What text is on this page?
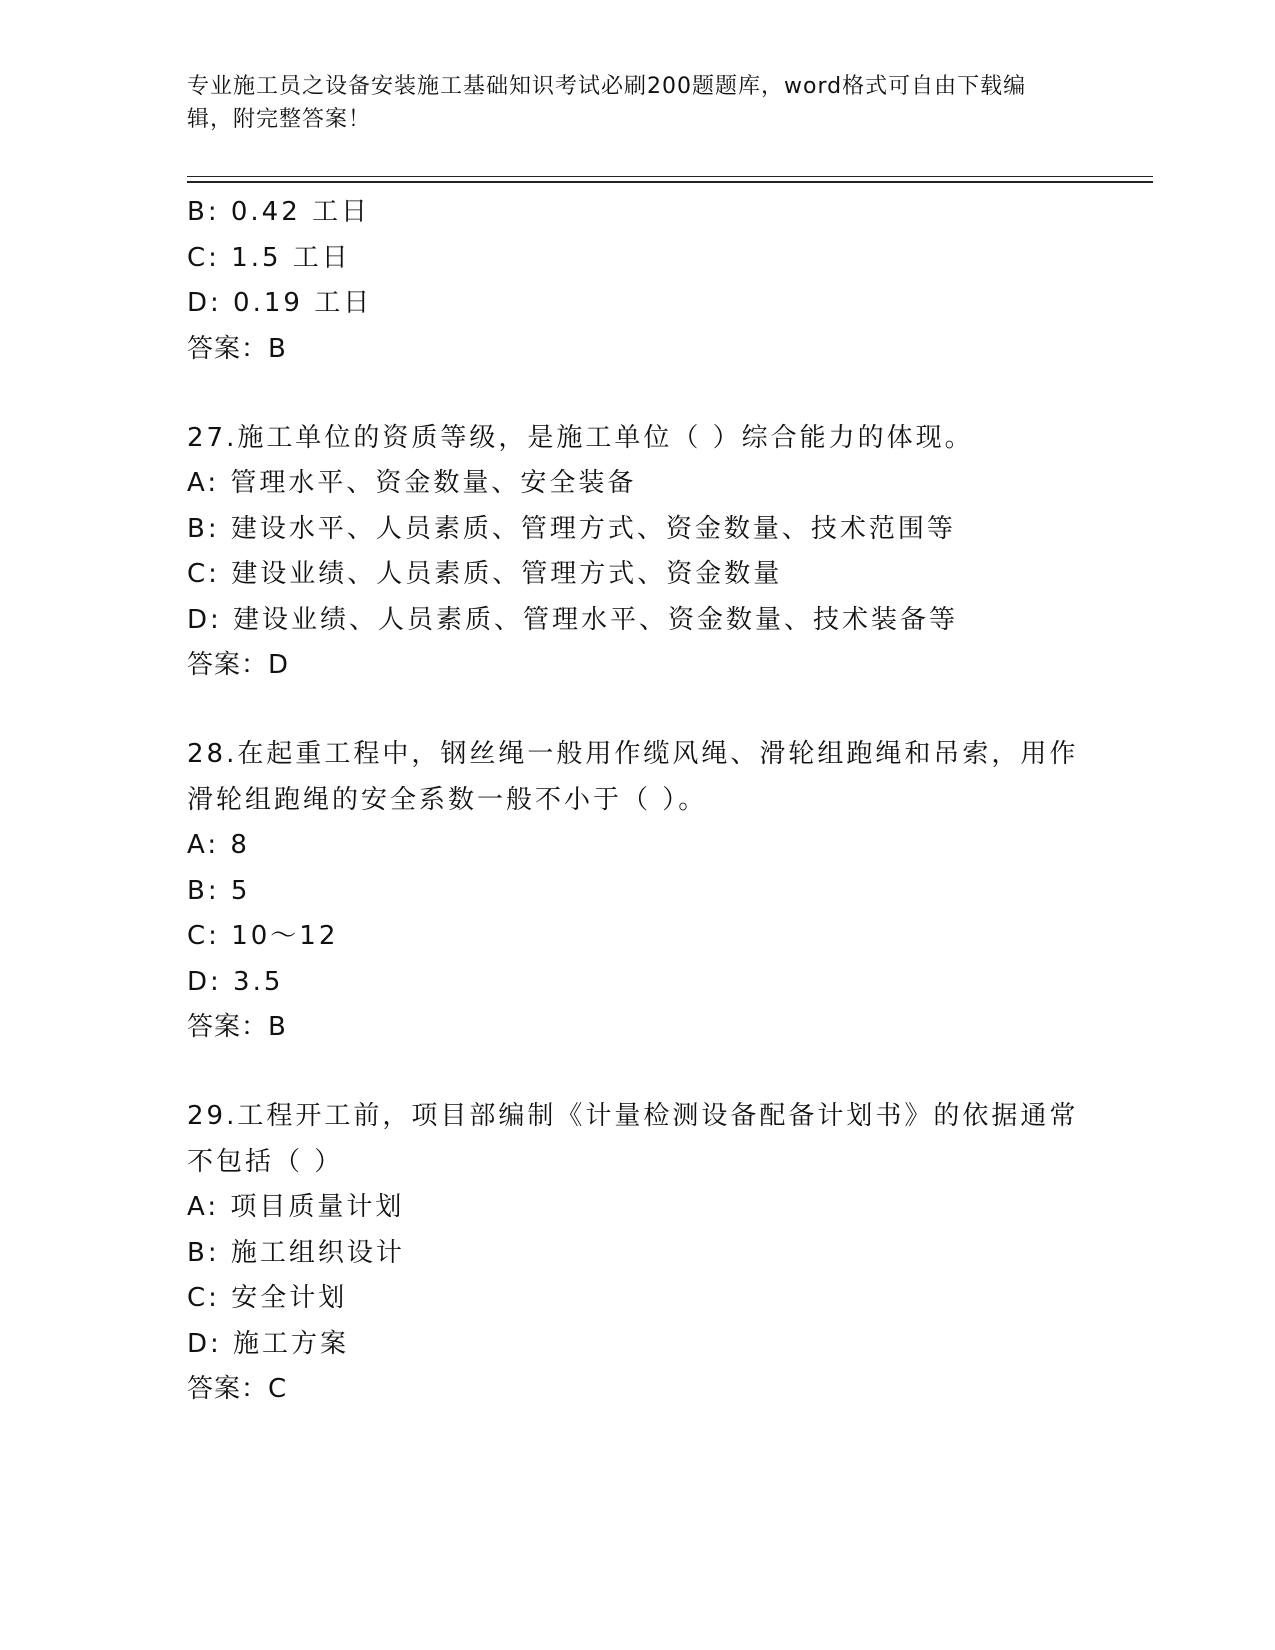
专业施工员之设备安装施工基础知识考试必刷200题题库，word格式可自由下载编辑，附完整答案！
B: 0.42 工日
C: 1.5 工日
D: 0.19 工日
答案：B
27.施工单位的资质等级，是施工单位（ ）综合能力的体现。
A: 管理水平、资金数量、安全装备
B: 建设水平、人员素质、管理方式、资金数量、技术范围等
C: 建设业绩、人员素质、管理方式、资金数量
D: 建设业绩、人员素质、管理水平、资金数量、技术装备等
答案：D
28.在起重工程中，钢丝绳一般用作缆风绳、滑轮组跑绳和吊索，用作
滑轮组跑绳的安全系数一般不小于（ ）。
A: 8
B: 5
C: 10～12
D: 3.5
答案：B
29.工程开工前，项目部编制《计量检测设备配备计划书》的依据通常
不包括（ ）
A: 项目质量计划
B: 施工组织设计
C: 安全计划
D: 施工方案
答案：C
